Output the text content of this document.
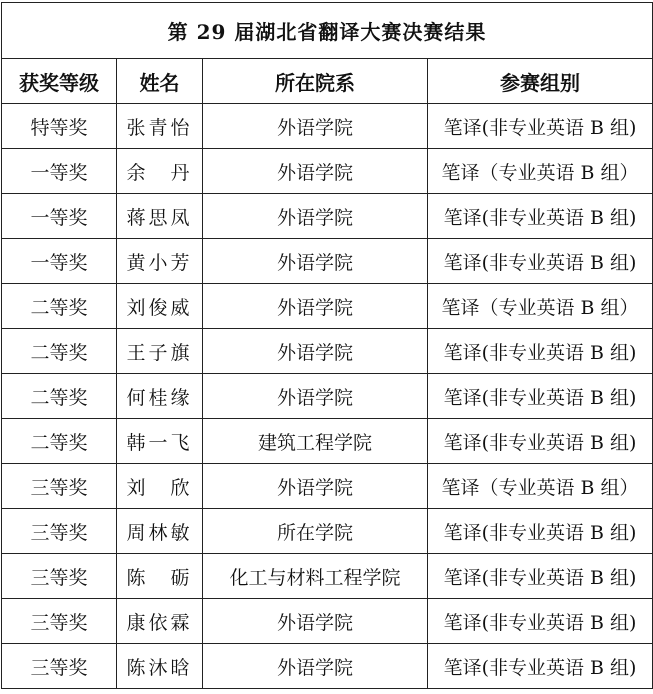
第 29 届湖北省翻译大赛决赛结果			
获奖等级	姓名	所在院系	参赛组别
特等奖	张青怡	外语学院	笔译(非专业英语 B 组)
一等奖	余　丹	外语学院	笔译（专业英语 B 组）
一等奖	蒋思凤	外语学院	笔译(非专业英语 B 组)
一等奖	黄小芳	外语学院	笔译(非专业英语 B 组)
二等奖	刘俊威	外语学院	笔译（专业英语 B 组）
二等奖	王子旗	外语学院	笔译(非专业英语 B 组)
二等奖	何桂缘	外语学院	笔译(非专业英语 B 组)
二等奖	韩一飞	建筑工程学院	笔译(非专业英语 B 组)
三等奖	刘　欣	外语学院	笔译（专业英语 B 组）
三等奖	周林敏	所在学院	笔译(非专业英语 B 组)
三等奖	陈　砺	化工与材料工程学院	笔译(非专业英语 B 组)
三等奖	康依霖	外语学院	笔译(非专业英语 B 组)
三等奖	陈沐晗	外语学院	笔译(非专业英语 B 组)
